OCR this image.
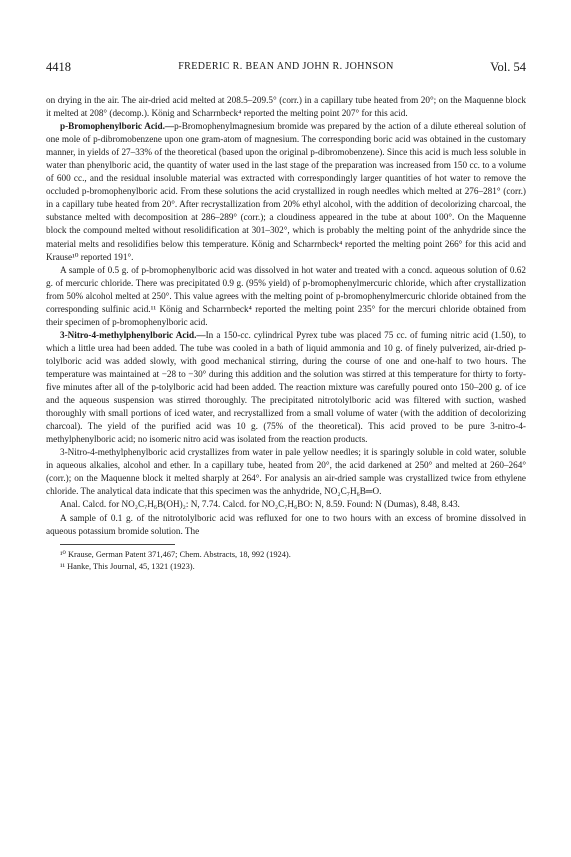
4418	FREDERIC R. BEAN AND JOHN R. JOHNSON	Vol. 54

on drying in the air. The air-dried acid melted at 208.5–209.5° (corr.) in a capillary tube heated from 20°; on the Maquenne block it melted at 208° (decomp.). König and Scharrnbeck⁴ reported the melting point 207° for this acid.

p-Bromophenylboric Acid.—p-Bromophenylmagnesium bromide was prepared by the action of a dilute ethereal solution of one mole of p-dibromobenzene upon one gram-atom of magnesium. The corresponding boric acid was obtained in the customary manner, in yields of 27–33% of the theoretical (based upon the original p-dibromobenzene). Since this acid is much less soluble in water than phenylboric acid, the quantity of water used in the last stage of the preparation was increased from 150 cc. to a volume of 600 cc., and the residual insoluble material was extracted with correspondingly larger quantities of hot water to remove the occluded p-bromophenylboric acid. From these solutions the acid crystallized in rough needles which melted at 276–281° (corr.) in a capillary tube heated from 20°. After recrystallization from 20% ethyl alcohol, with the addition of decolorizing charcoal, the substance melted with decomposition at 286–289° (corr.); a cloudiness appeared in the tube at about 100°. On the Maquenne block the compound melted without resolidification at 301–302°, which is probably the melting point of the anhydride since the material melts and resolidifies below this temperature. König and Scharrnbeck⁴ reported the melting point 266° for this acid and Krause¹⁰ reported 191°.

A sample of 0.5 g. of p-bromophenylboric acid was dissolved in hot water and treated with a concd. aqueous solution of 0.62 g. of mercuric chloride. There was precipitated 0.9 g. (95% yield) of p-bromophenylmercuric chloride, which after crystallization from 50% alcohol melted at 250°. This value agrees with the melting point of p-bromophenylmercuric chloride obtained from the corresponding sulfinic acid.¹¹ König and Scharrnbeck⁴ reported the melting point 235° for the mercuri chloride obtained from their specimen of p-bromophenylboric acid.

3-Nitro-4-methylphenylboric Acid.—In a 150-cc. cylindrical Pyrex tube was placed 75 cc. of fuming nitric acid (1.50), to which a little urea had been added. The tube was cooled in a bath of liquid ammonia and 10 g. of finely pulverized, air-dried p-tolylboric acid was added slowly, with good mechanical stirring, during the course of one and one-half to two hours. The temperature was maintained at −28 to −30° during this addition and the solution was stirred at this temperature for thirty to forty-five minutes after all of the p-tolylboric acid had been added. The reaction mixture was carefully poured onto 150–200 g. of ice and the aqueous suspension was stirred thoroughly. The precipitated nitrotolylboric acid was filtered with suction, washed thoroughly with small portions of iced water, and recrystallized from a small volume of water (with the addition of decolorizing charcoal). The yield of the purified acid was 10 g. (75% of the theoretical). This acid proved to be pure 3-nitro-4-methylphenylboric acid; no isomeric nitro acid was isolated from the reaction products.

3-Nitro-4-methylphenylboric acid crystallizes from water in pale yellow needles; it is sparingly soluble in cold water, soluble in aqueous alkalies, alcohol and ether. In a capillary tube, heated from 20°, the acid darkened at 250° and melted at 260–264° (corr.); on the Maquenne block it melted sharply at 264°. For analysis an air-dried sample was crystallized twice from ethylene chloride. The analytical data indicate that this specimen was the anhydride, NO₂C₇H₆B═O.

Anal. Calcd. for NO₂C₇H₆B(OH)₂: N, 7.74. Calcd. for NO₂C₇H₆BO: N, 8.59. Found: N (Dumas), 8.48, 8.43.

A sample of 0.1 g. of the nitrotolylboric acid was refluxed for one to two hours with an excess of bromine dissolved in aqueous potassium bromide solution. The

¹⁰ Krause, German Patent 371,467; Chem. Abstracts, 18, 992 (1924).
¹¹ Hanke, This Journal, 45, 1321 (1923).
